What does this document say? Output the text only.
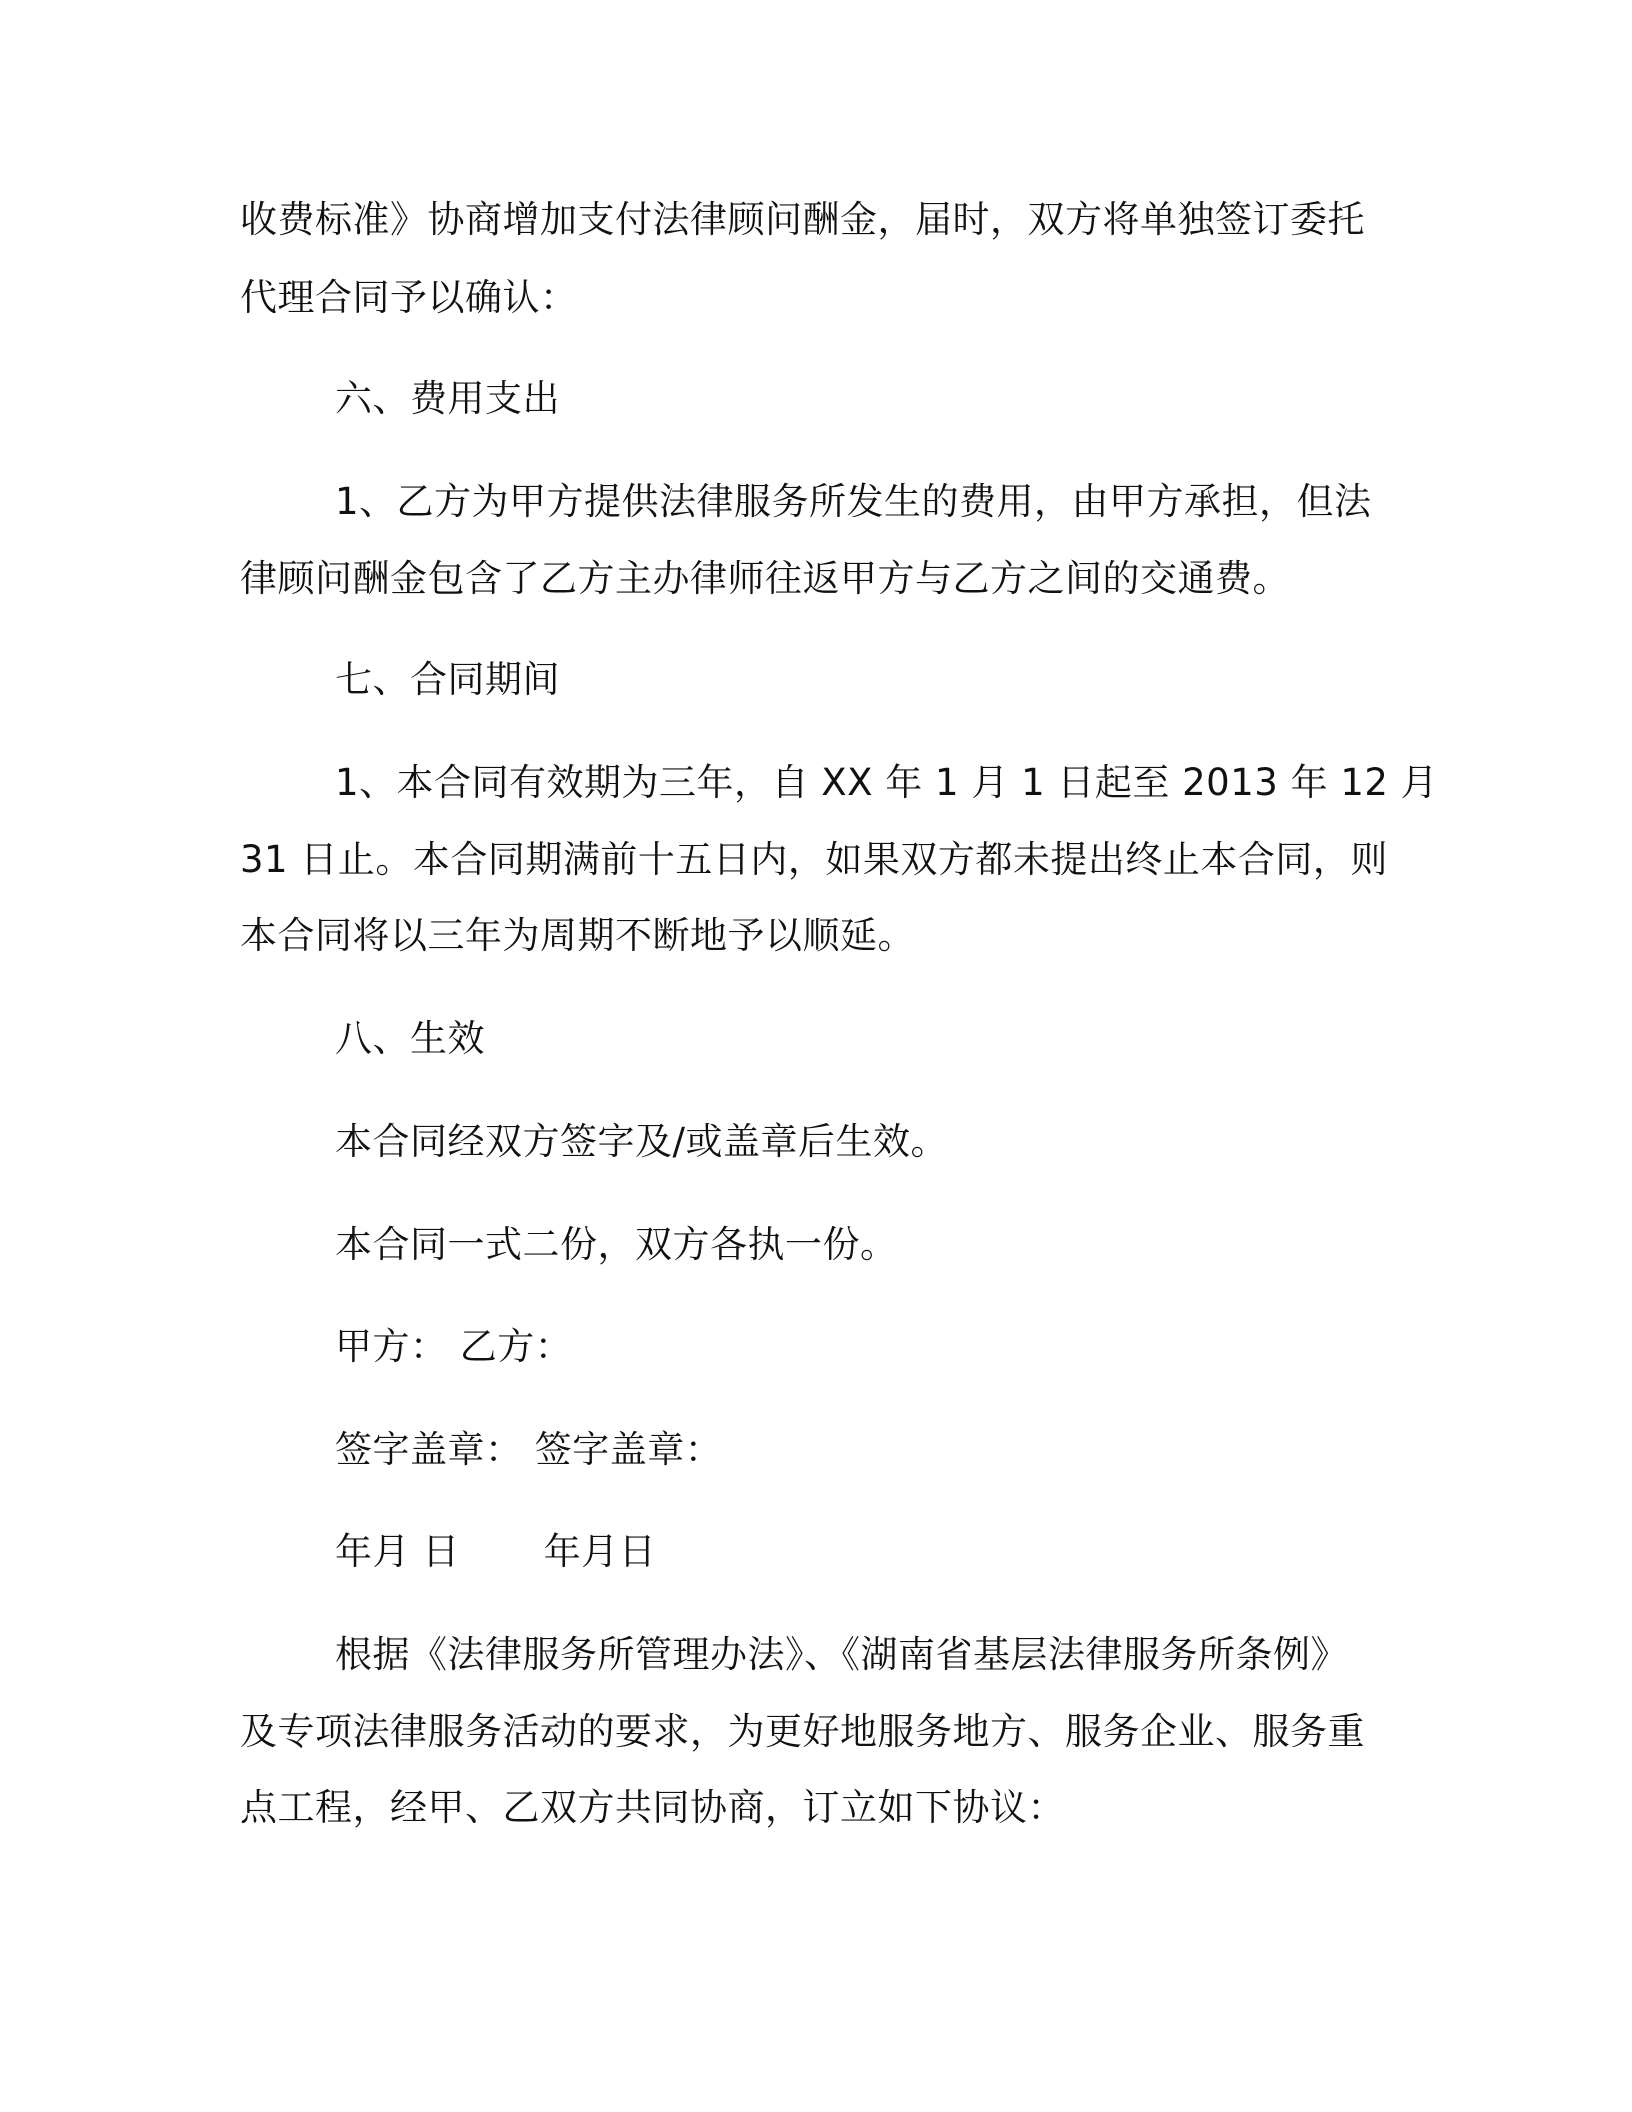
收费标准》协商增加支付法律顾问酬金，届时，双方将单独签订委托
代理合同予以确认：
六、费用支出
1、乙方为甲方提供法律服务所发生的费用，由甲方承担，但法
律顾问酬金包含了乙方主办律师往返甲方与乙方之间的交通费。
七、合同期间
1、本合同有效期为三年，自 XX 年 1 月 1 日起至 2013 年 12 月
31 日止。本合同期满前十五日内，如果双方都未提出终止本合同，则
本合同将以三年为周期不断地予以顺延。
八、生效
本合同经双方签字及/或盖章后生效。
本合同一式二份，双方各执一份。
甲方： 乙方：
签字盖章： 签字盖章：
年月 日 年月日
根据《法律服务所管理办法》、《湖南省基层法律服务所条例》
及专项法律服务活动的要求，为更好地服务地方、服务企业、服务重
点工程，经甲、乙双方共同协商，订立如下协议：
